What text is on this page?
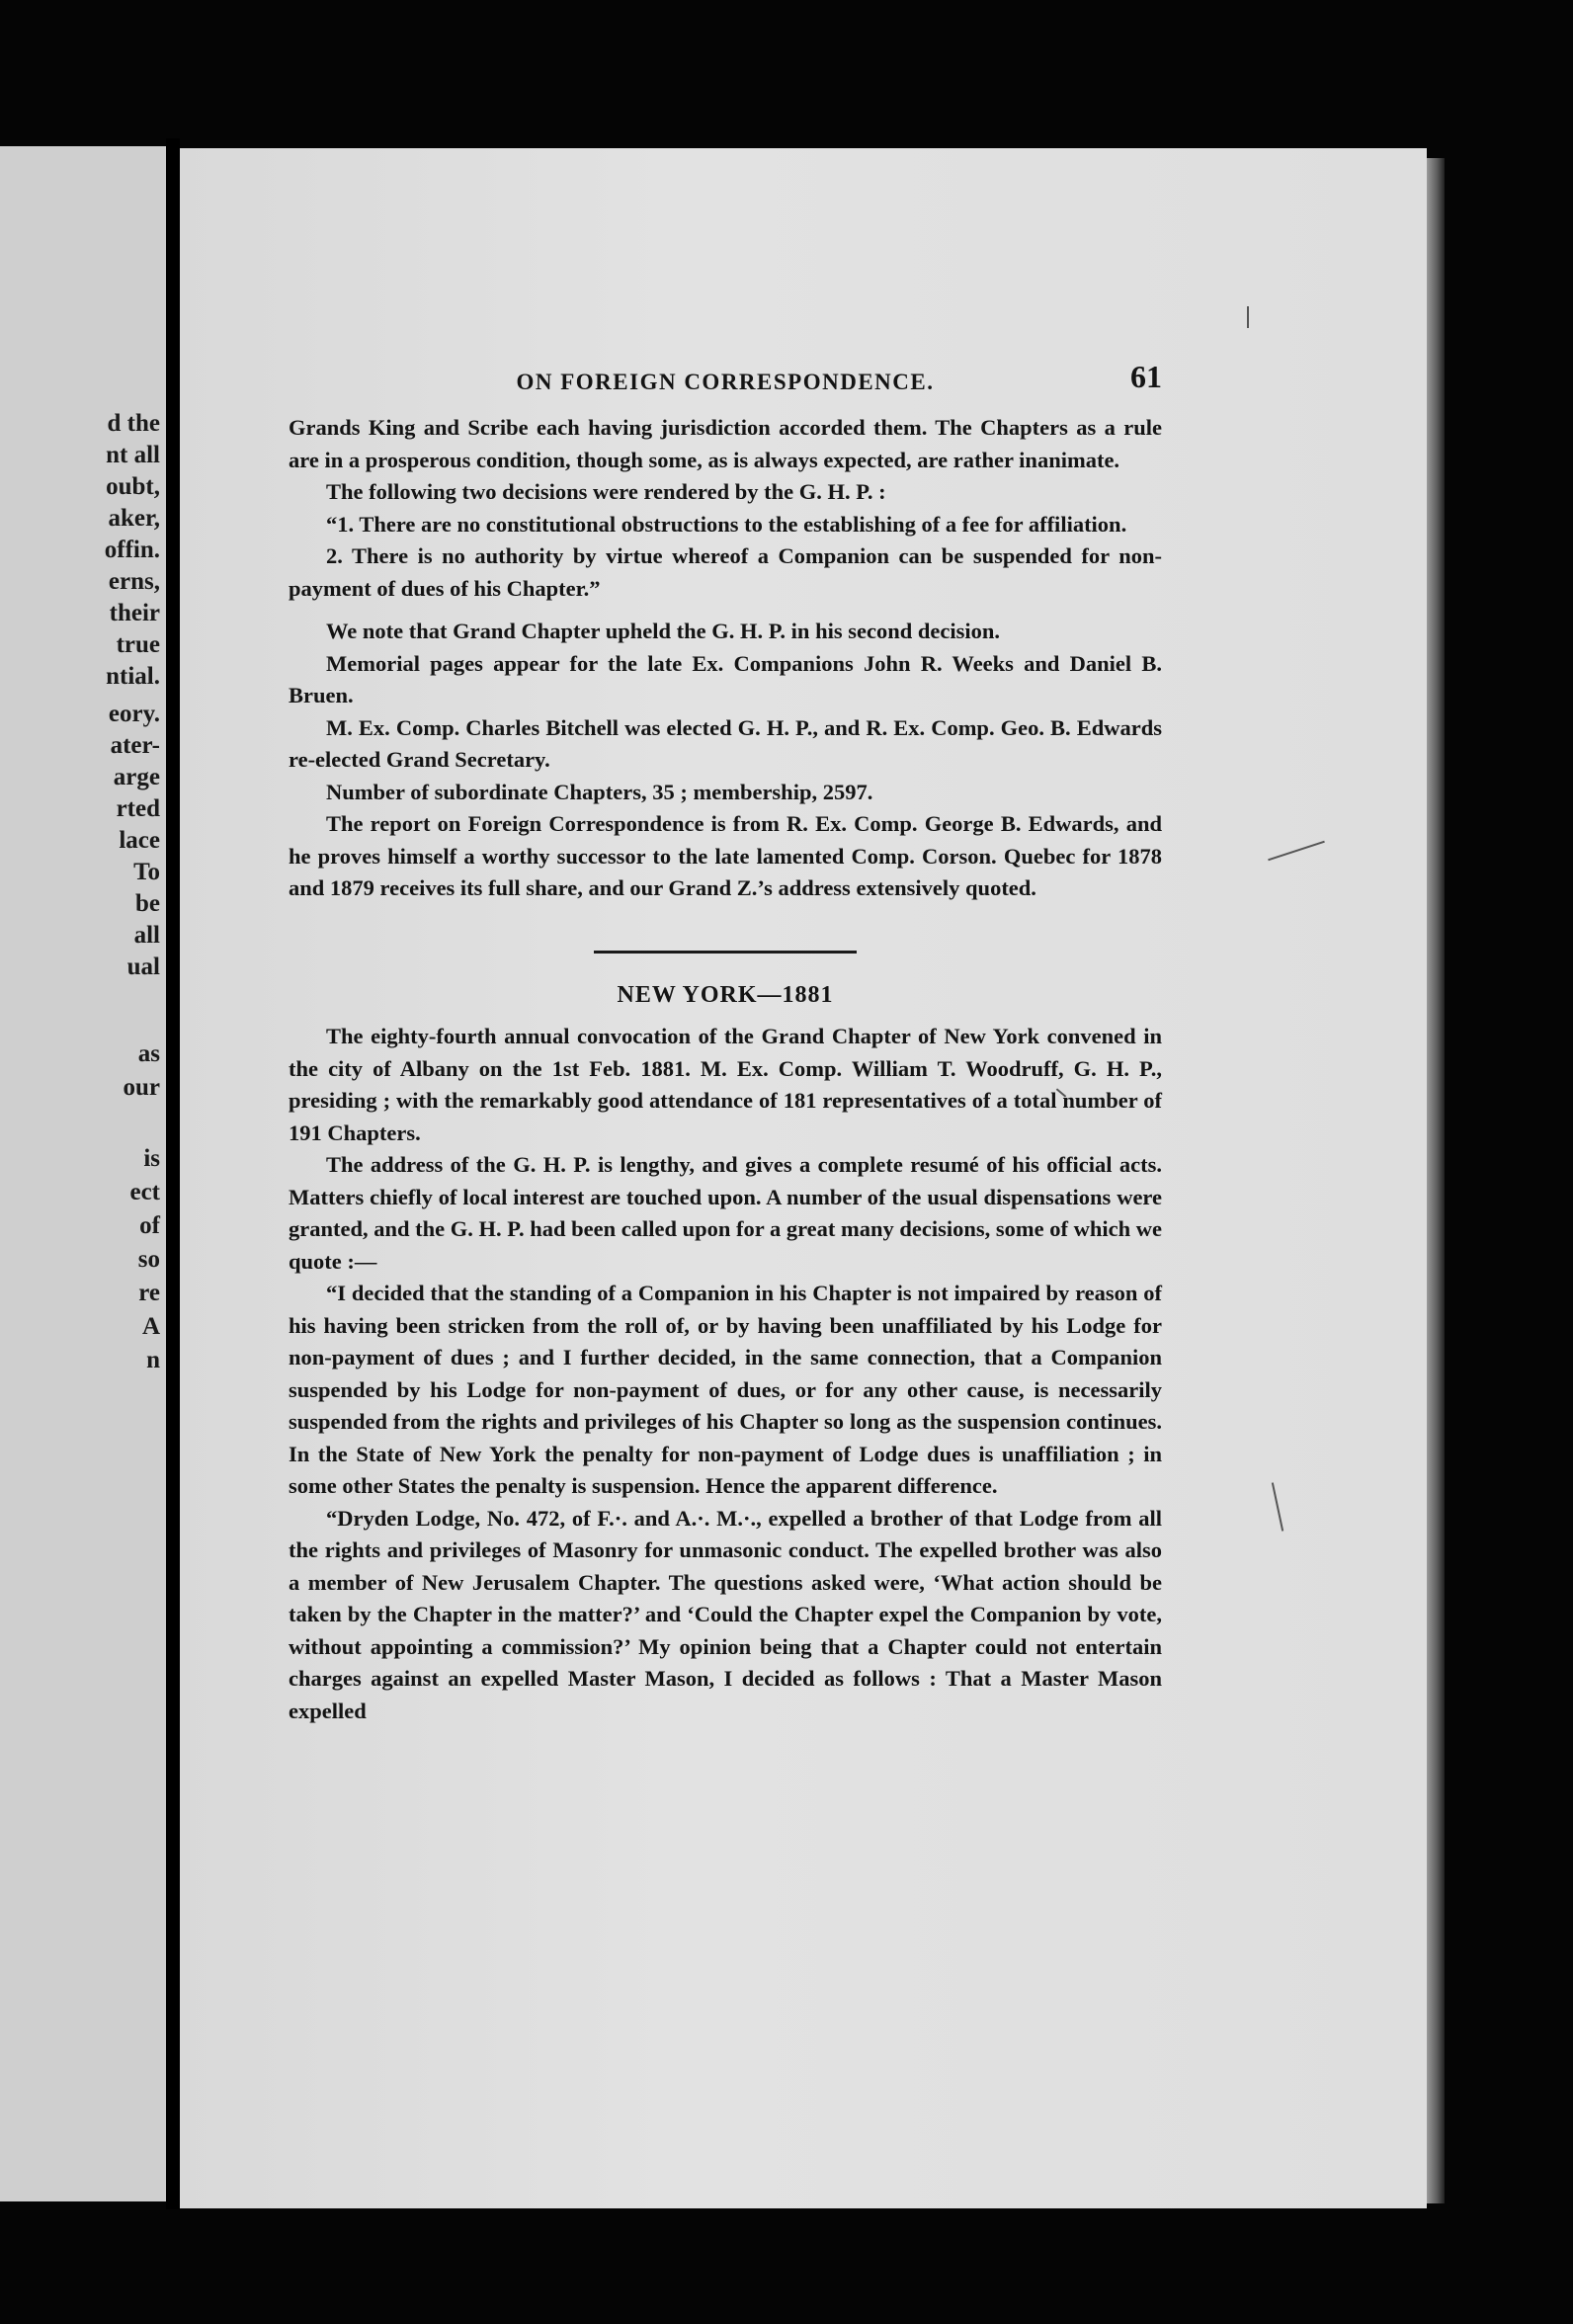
d the
nt all
oubt,
aker,
offin.
erns,
their
true
ntial.
eory.
ater-
arge
rted
lace
To
be
all
ual
as
our
is
ect
of
so
re
A
n
ON FOREIGN CORRESPONDENCE.	61

Grands King and Scribe each having jurisdiction accorded them. The Chapters as a rule are in a prosperous condition, though some, as is always expected, are rather inanimate.

The following two decisions were rendered by the G. H. P. :

“1. There are no constitutional obstructions to the establishing of a fee for affiliation.

2. There is no authority by virtue whereof a Companion can be suspended for non-payment of dues of his Chapter.”

We note that Grand Chapter upheld the G. H. P. in his second decision.

Memorial pages appear for the late Ex. Companions John R. Weeks and Daniel B. Bruen.

M. Ex. Comp. Charles Bitchell was elected G. H. P., and R. Ex. Comp. Geo. B. Edwards re-elected Grand Secretary.

Number of subordinate Chapters, 35 ; membership, 2597.

The report on Foreign Correspondence is from R. Ex. Comp. George B. Edwards, and he proves himself a worthy successor to the late lamented Comp. Corson. Quebec for 1878 and 1879 receives its full share, and our Grand Z.’s address extensively quoted.

NEW YORK—1881

The eighty-fourth annual convocation of the Grand Chapter of New York convened in the city of Albany on the 1st Feb. 1881. M. Ex. Comp. William T. Woodruff, G. H. P., presiding ; with the remarkably good attendance of 181 representatives of a total number of 191 Chapters.

The address of the G. H. P. is lengthy, and gives a complete resumé of his official acts. Matters chiefly of local interest are touched upon. A number of the usual dispensations were granted, and the G. H. P. had been called upon for a great many decisions, some of which we quote :—

“I decided that the standing of a Companion in his Chapter is not impaired by reason of his having been stricken from the roll of, or by having been unaffiliated by his Lodge for non-payment of dues ; and I further decided, in the same connection, that a Companion suspended by his Lodge for non-payment of dues, or for any other cause, is necessarily suspended from the rights and privileges of his Chapter so long as the suspension continues. In the State of New York the penalty for non-payment of Lodge dues is unaffiliation ; in some other States the penalty is suspension. Hence the apparent difference.

“Dryden Lodge, No. 472, of F.·. and A.·. M.·., expelled a brother of that Lodge from all the rights and privileges of Masonry for unmasonic conduct. The expelled brother was also a member of New Jerusalem Chapter. The questions asked were, ‘What action should be taken by the Chapter in the matter?’ and ‘Could the Chapter expel the Companion by vote, without appointing a commission?’ My opinion being that a Chapter could not entertain charges against an expelled Master Mason, I decided as follows : That a Master Mason expelled
